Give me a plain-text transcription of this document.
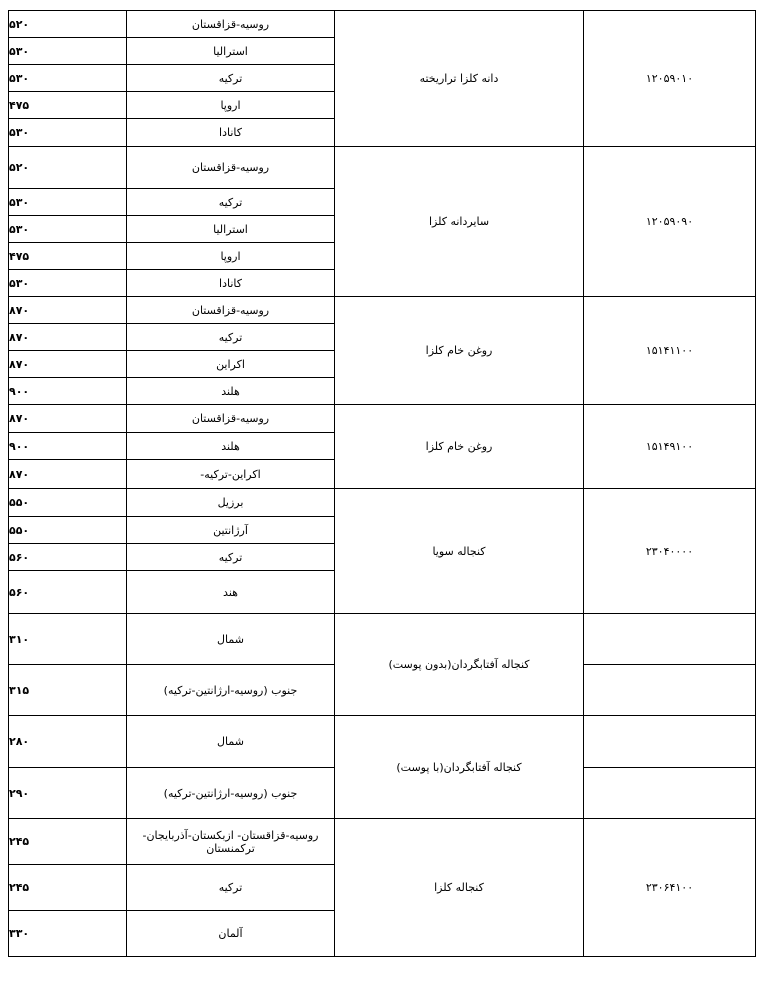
۵۲۰	روسیه-قزاقستان	دانه کلزا تراریخته	۱۲۰۵۹۰۱۰
۵۳۰	استرالیا		
۵۳۰	ترکیه		
۴۷۵	اروپا		
۵۳۰	کانادا		
۵۲۰	روسیه-قزاقستان	سایردانه کلزا	۱۲۰۵۹۰۹۰
۵۳۰	ترکیه		
۵۳۰	استرالیا		
۴۷۵	اروپا		
۵۳۰	کانادا		
۸۷۰	روسیه-قزاقستان	روغن خام کلزا	۱۵۱۴۱۱۰۰
۸۷۰	ترکیه		
۸۷۰	اکراین		
۹۰۰	هلند		
۸۷۰	روسیه-قزاقستان	روغن خام کلزا	۱۵۱۴۹۱۰۰
۹۰۰	هلند		
۸۷۰	اکراین-ترکیه-		
۵۵۰	برزیل	کنجاله سویا	۲۳۰۴۰۰۰۰
۵۵۰	آرژانتین		
۵۶۰	ترکیه		
۵۶۰	هند		
۳۱۰	شمال	کنجاله آفتابگردان(بدون پوست)	
۳۱۵	جنوب (روسیه-ارژانتین-ترکیه)		
۲۸۰	شمال	کنجاله آفتابگردان(با پوست)	
۲۹۰	جنوب (روسیه-ارژانتین-ترکیه)		
۲۴۵	روسیه-قزاقستان- ازبکستان-آذربایجان- ترکمنستان	کنجاله کلزا	۲۳۰۶۴۱۰۰
۲۴۵	ترکیه		
۳۳۰	آلمان		
